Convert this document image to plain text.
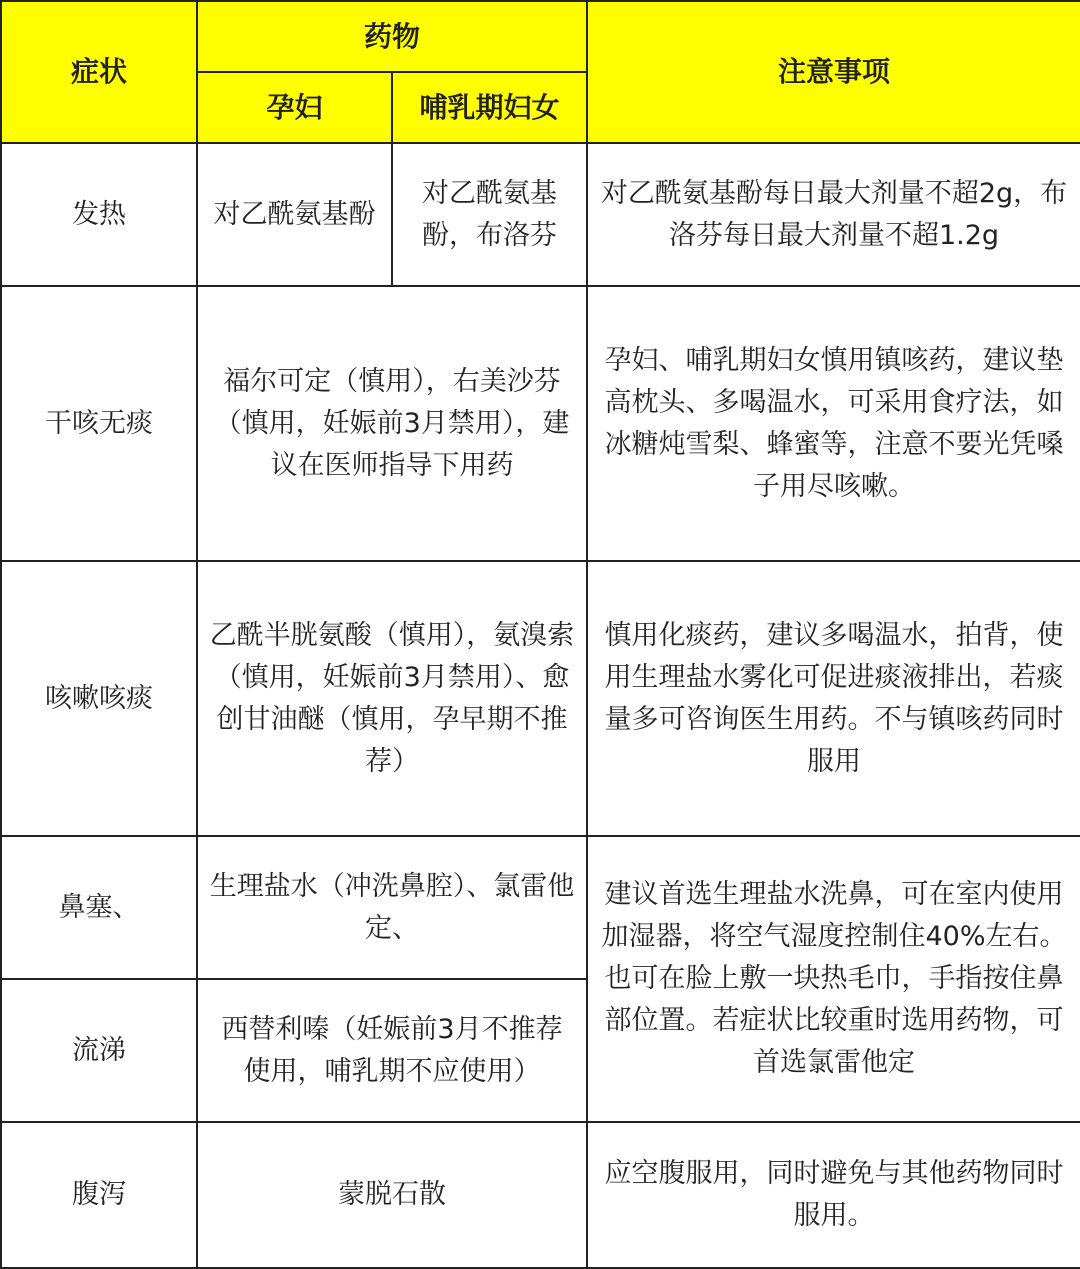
症状	药物		注意事项
	孕妇	哺乳期妇女	
发热	对乙酰氨基酚	对乙酰氨基酚，布洛芬	对乙酰氨基酚每日最大剂量不超2g，布洛芬每日最大剂量不超1.2g
干咳无痰	福尔可定（慎用），右美沙芬（慎用，妊娠前3月禁用），建议在医师指导下用药		孕妇、哺乳期妇女慎用镇咳药，建议垫高枕头、多喝温水，可采用食疗法，如冰糖炖雪梨、蜂蜜等，注意不要光凭嗓子用尽咳嗽。
咳嗽咳痰	乙酰半胱氨酸（慎用），氨溴索（慎用，妊娠前3月禁用）、愈创甘油醚（慎用，孕早期不推荐）		慎用化痰药，建议多喝温水，拍背，使用生理盐水雾化可促进痰液排出，若痰量多可咨询医生用药。不与镇咳药同时服用
鼻塞、	生理盐水（冲洗鼻腔）、氯雷他定、		建议首选生理盐水洗鼻，可在室内使用加湿器，将空气湿度控制住40%左右。也可在脸上敷一块热毛巾，手指按住鼻部位置。若症状比较重时选用药物，可首选氯雷他定
流涕	西替利嗪（妊娠前3月不推荐使用，哺乳期不应使用）		
腹泻	蒙脱石散		应空腹服用，同时避免与其他药物同时服用。
